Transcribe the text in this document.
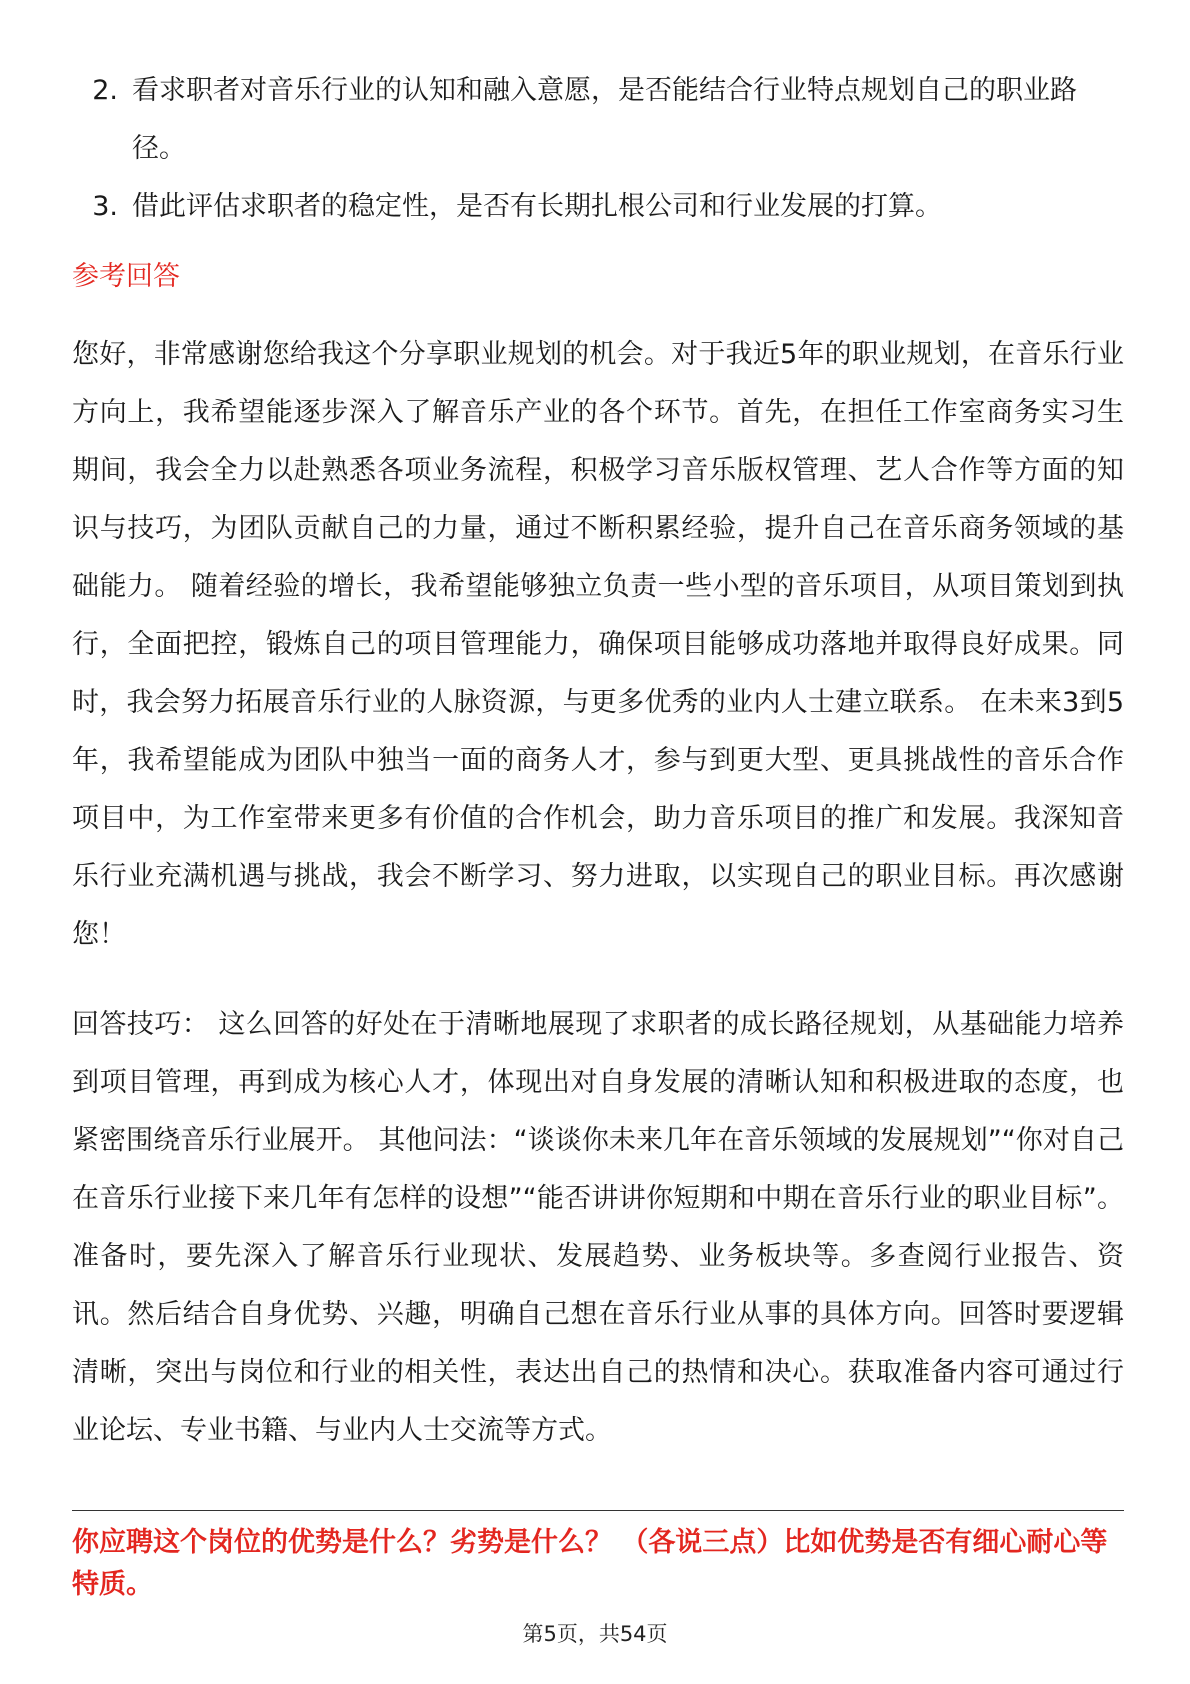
2. 看求职者对音乐行业的认知和融入意愿，是否能结合行业特点规划自己的职业路径。
3. 借此评估求职者的稳定性，是否有长期扎根公司和行业发展的打算。
参考回答

您好，非常感谢您给我这个分享职业规划的机会。对于我近5年的职业规划，在音乐行业方向上，我希望能逐步深入了解音乐产业的各个环节。首先，在担任工作室商务实习生期间，我会全力以赴熟悉各项业务流程，积极学习音乐版权管理、艺人合作等方面的知识与技巧，为团队贡献自己的力量，通过不断积累经验，提升自己在音乐商务领域的基础能力。 随着经验的增长，我希望能够独立负责一些小型的音乐项目，从项目策划到执行，全面把控，锻炼自己的项目管理能力，确保项目能够成功落地并取得良好成果。同时，我会努力拓展音乐行业的人脉资源，与更多优秀的业内人士建立联系。 在未来3到5年，我希望能成为团队中独当一面的商务人才，参与到更大型、更具挑战性的音乐合作项目中，为工作室带来更多有价值的合作机会，助力音乐项目的推广和发展。我深知音乐行业充满机遇与挑战，我会不断学习、努力进取，以实现自己的职业目标。再次感谢您！

回答技巧： 这么回答的好处在于清晰地展现了求职者的成长路径规划，从基础能力培养到项目管理，再到成为核心人才，体现出对自身发展的清晰认知和积极进取的态度，也紧密围绕音乐行业展开。 其他问法：“谈谈你未来几年在音乐领域的发展规划”“你对自己在音乐行业接下来几年有怎样的设想”“能否讲讲你短期和中期在音乐行业的职业目标”。 准备时，要先深入了解音乐行业现状、发展趋势、业务板块等。多查阅行业报告、资讯。然后结合自身优势、兴趣，明确自己想在音乐行业从事的具体方向。回答时要逻辑清晰，突出与岗位和行业的相关性，表达出自己的热情和决心。获取准备内容可通过行业论坛、专业书籍、与业内人士交流等方式。

你应聘这个岗位的优势是什么？劣势是什么？ （各说三点）比如优势是否有细心耐心等特质。
第5页，共54页
